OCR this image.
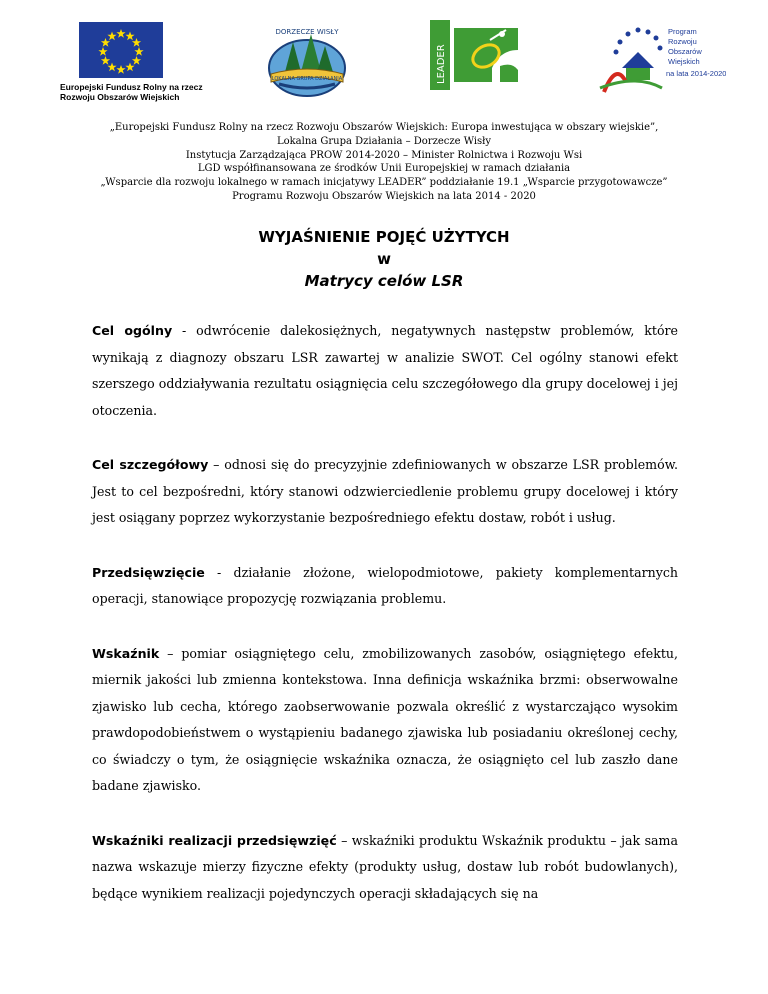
Europejski Fundusz Rolny na rzecz
Rozwoju Obszarów Wiejskich
DORZECZE WISŁY
LOKALNA GRUPA DZIAŁANIA	LEADER
Program Rozwoju Obszarów Wiejskich na lata 2014-2020
„Europejski Fundusz Rolny na rzecz Rozwoju Obszarów Wiejskich: Europa inwestująca w obszary wiejskie”,
Lokalna Grupa Działania – Dorzecze Wisły
Instytucja Zarządzająca PROW 2014-2020 – Minister Rolnictwa i Rozwoju Wsi
LGD współfinansowana ze środków Unii Europejskiej w ramach działania
„Wsparcie dla rozwoju lokalnego w ramach inicjatywy LEADER” poddziałanie 19.1 „Wsparcie przygotowawcze”
Programu Rozwoju Obszarów Wiejskich na lata 2014 - 2020
WYJAŚNIENIE POJĘĆ UŻYTYCH
w
Matrycy celów LSR

Cel ogólny - odwrócenie dalekosiężnych, negatywnych następstw problemów, które wynikają z diagnozy obszaru LSR zawartej w analizie SWOT. Cel ogólny stanowi efekt szerszego oddziaływania rezultatu osiągnięcia celu szczegółowego dla grupy docelowej i jej otoczenia.

Cel szczegółowy – odnosi się do precyzyjnie zdefiniowanych w obszarze LSR problemów. Jest to cel bezpośredni, który stanowi odzwierciedlenie problemu grupy docelowej i który jest osiągany poprzez wykorzystanie bezpośredniego efektu dostaw, robót i usług.

Przedsięwzięcie - działanie złożone, wielopodmiotowe, pakiety komplementarnych operacji, stanowiące propozycję rozwiązania problemu.

Wskaźnik – pomiar osiągniętego celu, zmobilizowanych zasobów, osiągniętego efektu, miernik jakości lub zmienna kontekstowa. Inna definicja wskaźnika brzmi: obserwowalne zjawisko lub cecha, którego zaobserwowanie pozwala określić z wystarczająco wysokim prawdopodobieństwem o wystąpieniu badanego zjawiska lub posiadaniu określonej cechy, co świadczy o tym, że osiągnięcie wskaźnika oznacza, że osiągnięto cel lub zaszło dane badane zjawisko.

Wskaźniki realizacji przedsięwzięć – wskaźniki produktu Wskaźnik produktu – jak sama nazwa wskazuje mierzy fizyczne efekty (produkty usług, dostaw lub robót budowlanych), będące wynikiem realizacji pojedynczych operacji składających się na
